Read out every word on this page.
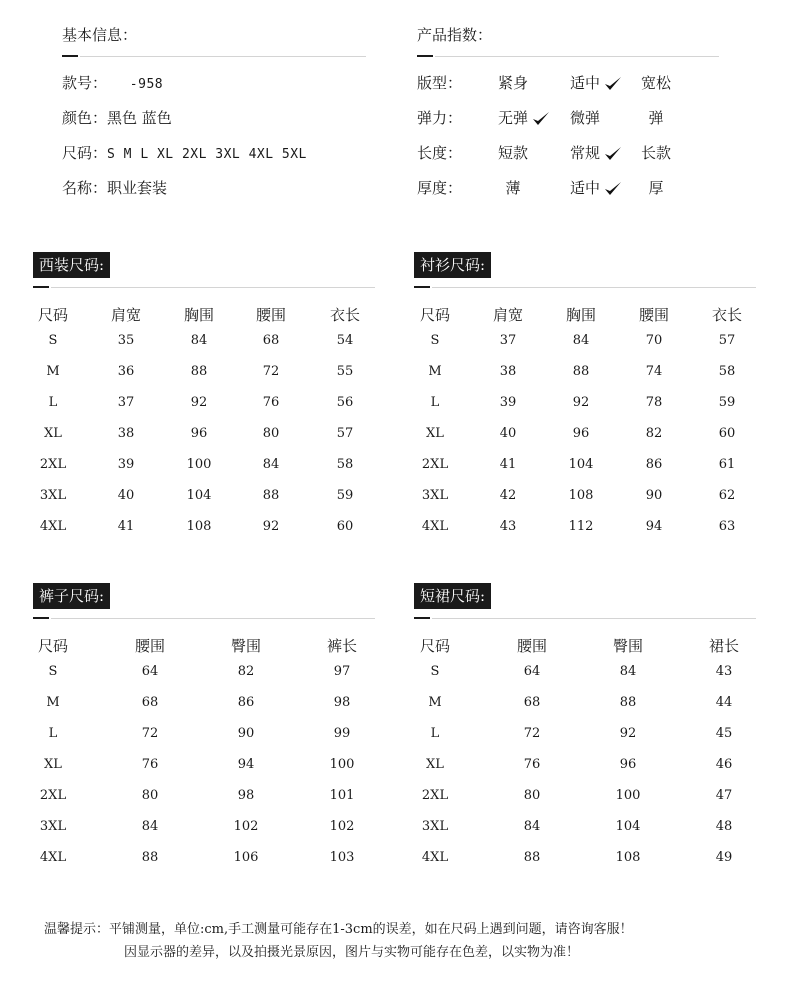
基本信息：
款号： -958
颜色：黑色 蓝色
尺码：S M L XL 2XL 3XL 4XL 5XL
名称：职业套装
产品指数：
版型： 紧身	适中	宽松
弹力： 无弹	微弹	弹
长度： 短款	常规	长款
厚度：	薄	适中	厚
西装尺码:
尺码	肩宽	胸围	腰围	衣长
S	35	84	68	54
M	36	88	72	55
L	37	92	76	56
XL	38	96	80	57
2XL	39	100	84	58
3XL	40	104	88	59
4XL	41	108	92	60
衬衫尺码:
尺码	肩宽	胸围	腰围	衣长
S	37	84	70	57
M	38	88	74	58
L	39	92	78	59
XL	40	96	82	60
2XL	41	104	86	61
3XL	42	108	90	62
4XL	43	112	94	63
裤子尺码:
尺码	腰围	臀围	裤长
S	64	82	97
M	68	86	98
L	72	90	99
XL	76	94	100
2XL	80	98	101
3XL	84	102	102
4XL	88	106	103
短裙尺码:
尺码	腰围	臀围	裙长
S	64	84	43
M	68	88	44
L	72	92	45
XL	76	96	46
2XL	80	100	47
3XL	84	104	48
4XL	88	108	49
温馨提示：平铺测量，单位:cm,手工测量可能存在1-3cm的误差，如在尺码上遇到问题，请咨询客服！
因显示器的差异，以及拍摄光景原因，图片与实物可能存在色差，以实物为准！
